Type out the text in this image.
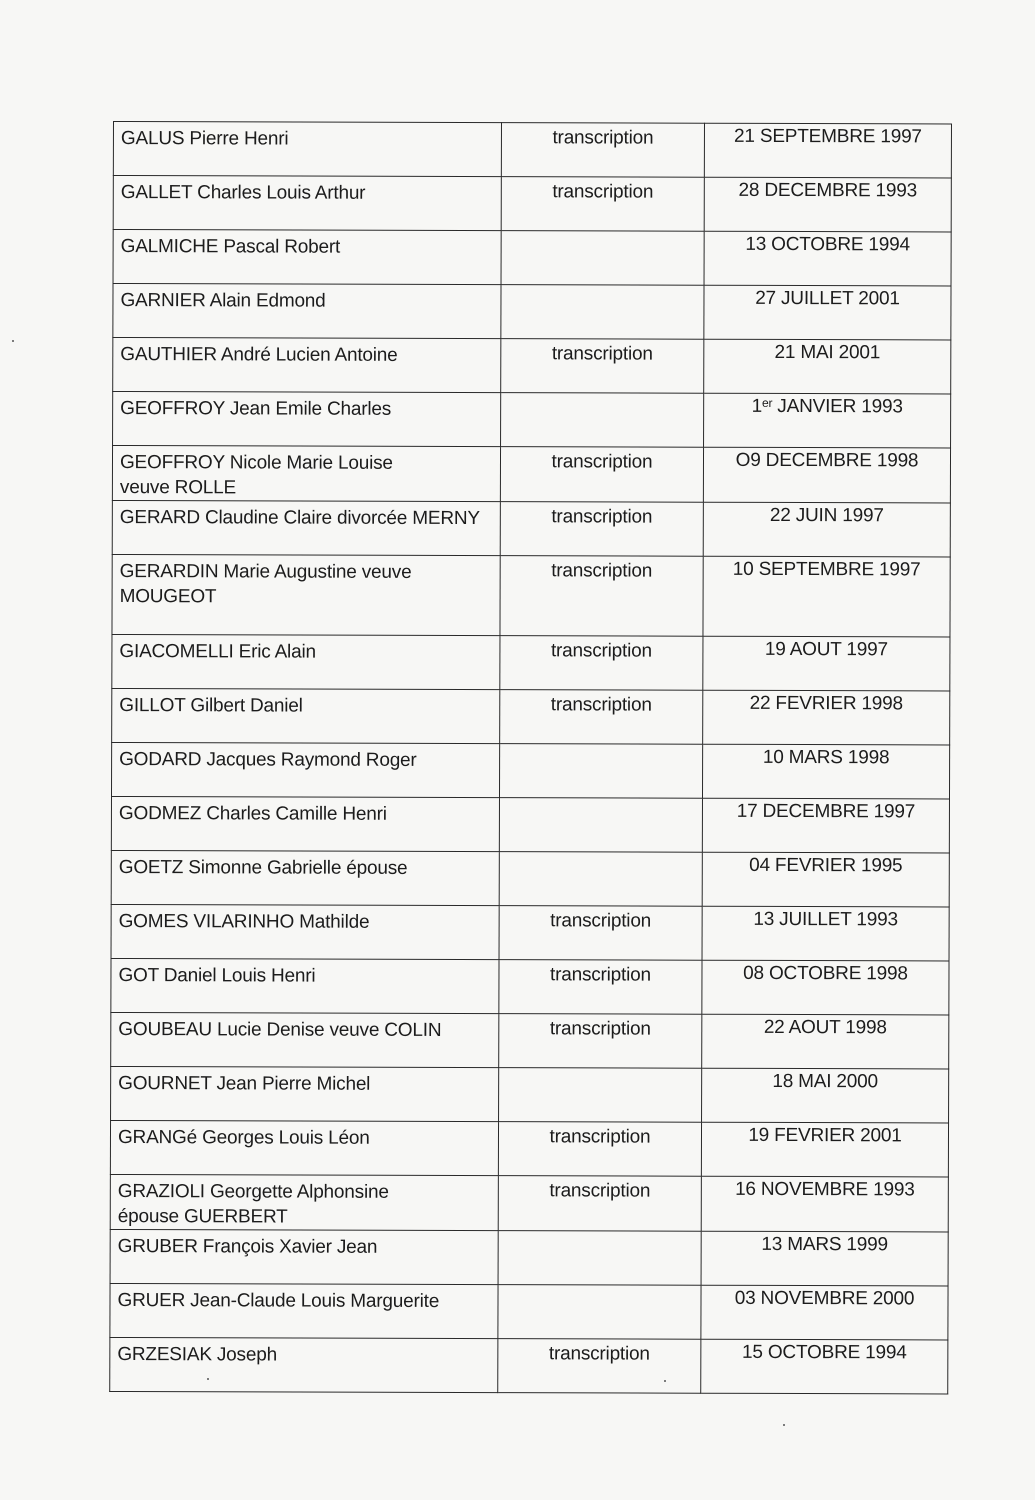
GALUS Pierre Henri	transcription	21 SEPTEMBRE 1997

GALLET Charles Louis Arthur	transcription	28 DECEMBRE 1993

GALMICHE Pascal Robert		13 OCTOBRE 1994

GARNIER Alain Edmond		27 JUILLET 2001

GAUTHIER André Lucien Antoine	transcription	21 MAI 2001

GEOFFROY Jean Emile Charles		1er JANVIER 1993

GEOFFROY Nicole Marie Louise
veuve ROLLE	transcription	O9 DECEMBRE 1998

GERARD Claudine Claire divorcée MERNY	transcription	22 JUIN 1997

GERARDIN Marie Augustine veuve
MOUGEOT	transcription	10 SEPTEMBRE 1997

GIACOMELLI Eric Alain	transcription	19 AOUT 1997

GILLOT Gilbert Daniel	transcription	22 FEVRIER 1998

GODARD Jacques Raymond Roger		10 MARS 1998

GODMEZ Charles Camille Henri		17 DECEMBRE 1997

GOETZ Simonne Gabrielle épouse		04 FEVRIER 1995

GOMES VILARINHO Mathilde	transcription	13 JUILLET 1993

GOT Daniel Louis Henri	transcription	08 OCTOBRE 1998

GOUBEAU Lucie Denise veuve COLIN	transcription	22 AOUT 1998

GOURNET Jean Pierre Michel		18 MAI 2000

GRANGé Georges Louis Léon	transcription	19 FEVRIER 2001

GRAZIOLI Georgette Alphonsine
épouse GUERBERT	transcription	16 NOVEMBRE 1993

GRUBER François Xavier Jean		13 MARS 1999

GRUER Jean-Claude Louis Marguerite		03 NOVEMBRE 2000

GRZESIAK Joseph	transcription	15 OCTOBRE 1994
